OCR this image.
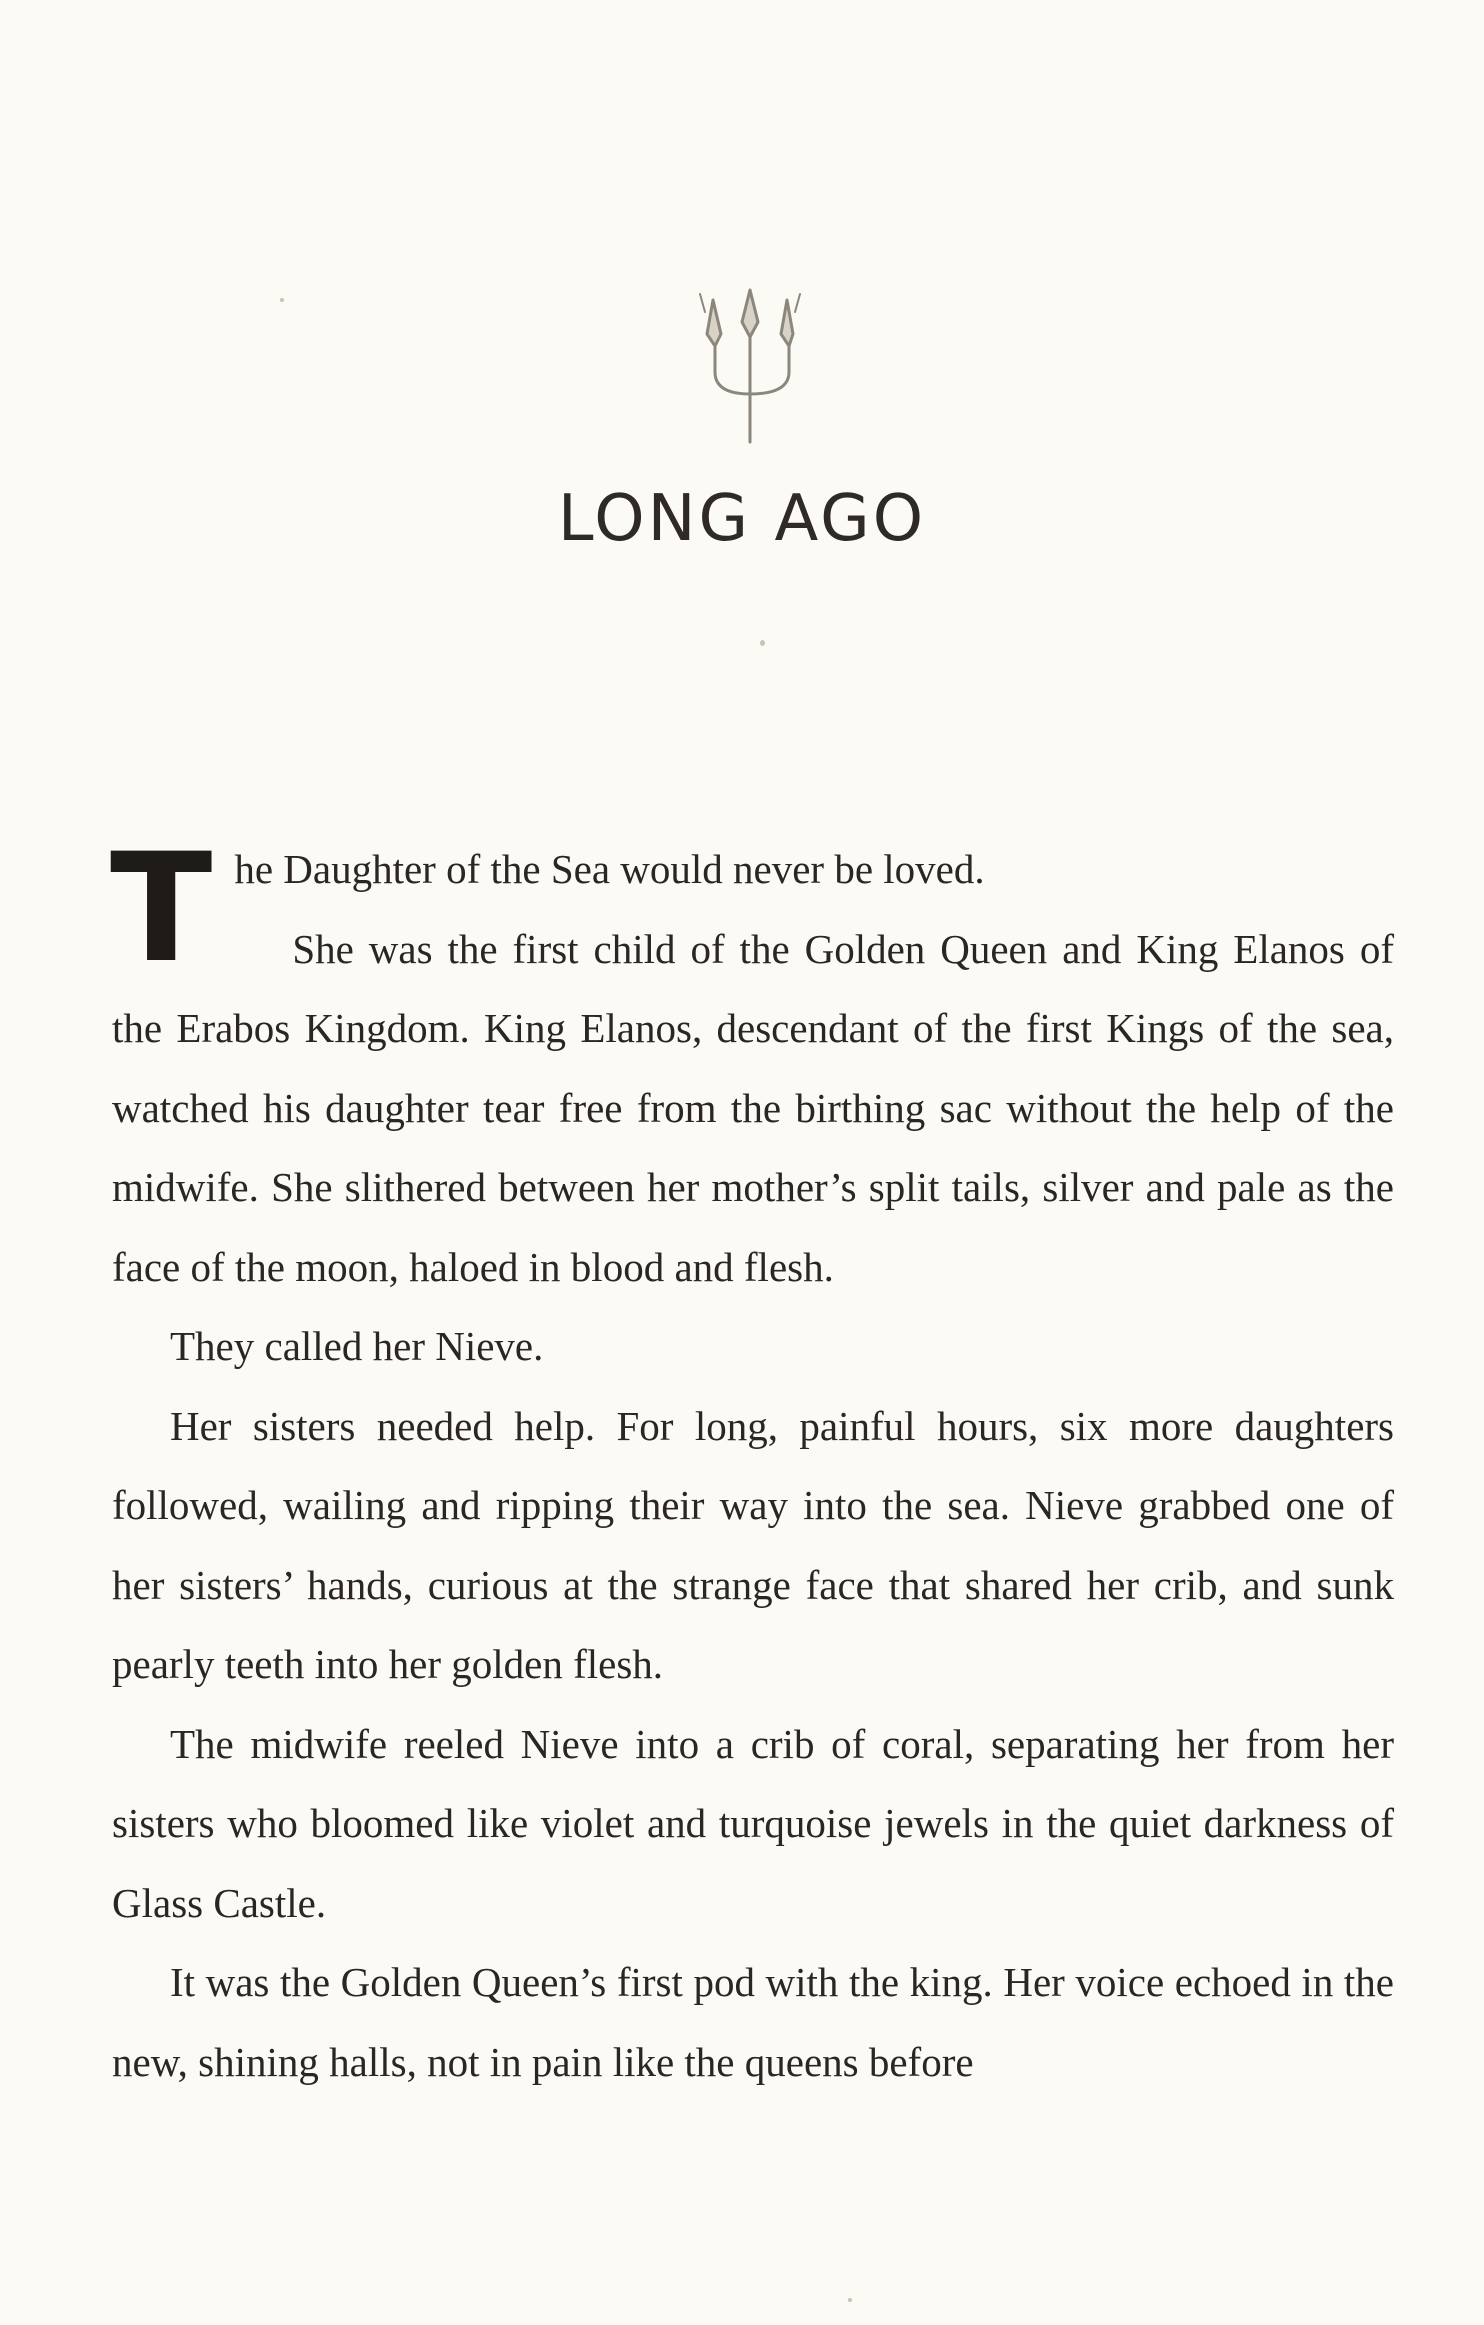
LONG AGO

The Daughter of the Sea would never be loved.

She was the first child of the Golden Queen and King Elanos of the Erabos Kingdom. King Elanos, descendant of the first Kings of the sea, watched his daughter tear free from the birthing sac without the help of the midwife. She slithered between her mother’s split tails, silver and pale as the face of the moon, haloed in blood and flesh.

They called her Nieve.

Her sisters needed help. For long, painful hours, six more daughters followed, wailing and ripping their way into the sea. Nieve grabbed one of her sisters’ hands, curious at the strange face that shared her crib, and sunk pearly teeth into her golden flesh.

The midwife reeled Nieve into a crib of coral, separating her from her sisters who bloomed like violet and turquoise jewels in the quiet darkness of Glass Castle.

It was the Golden Queen’s first pod with the king. Her voice echoed in the new, shining halls, not in pain like the queens before
